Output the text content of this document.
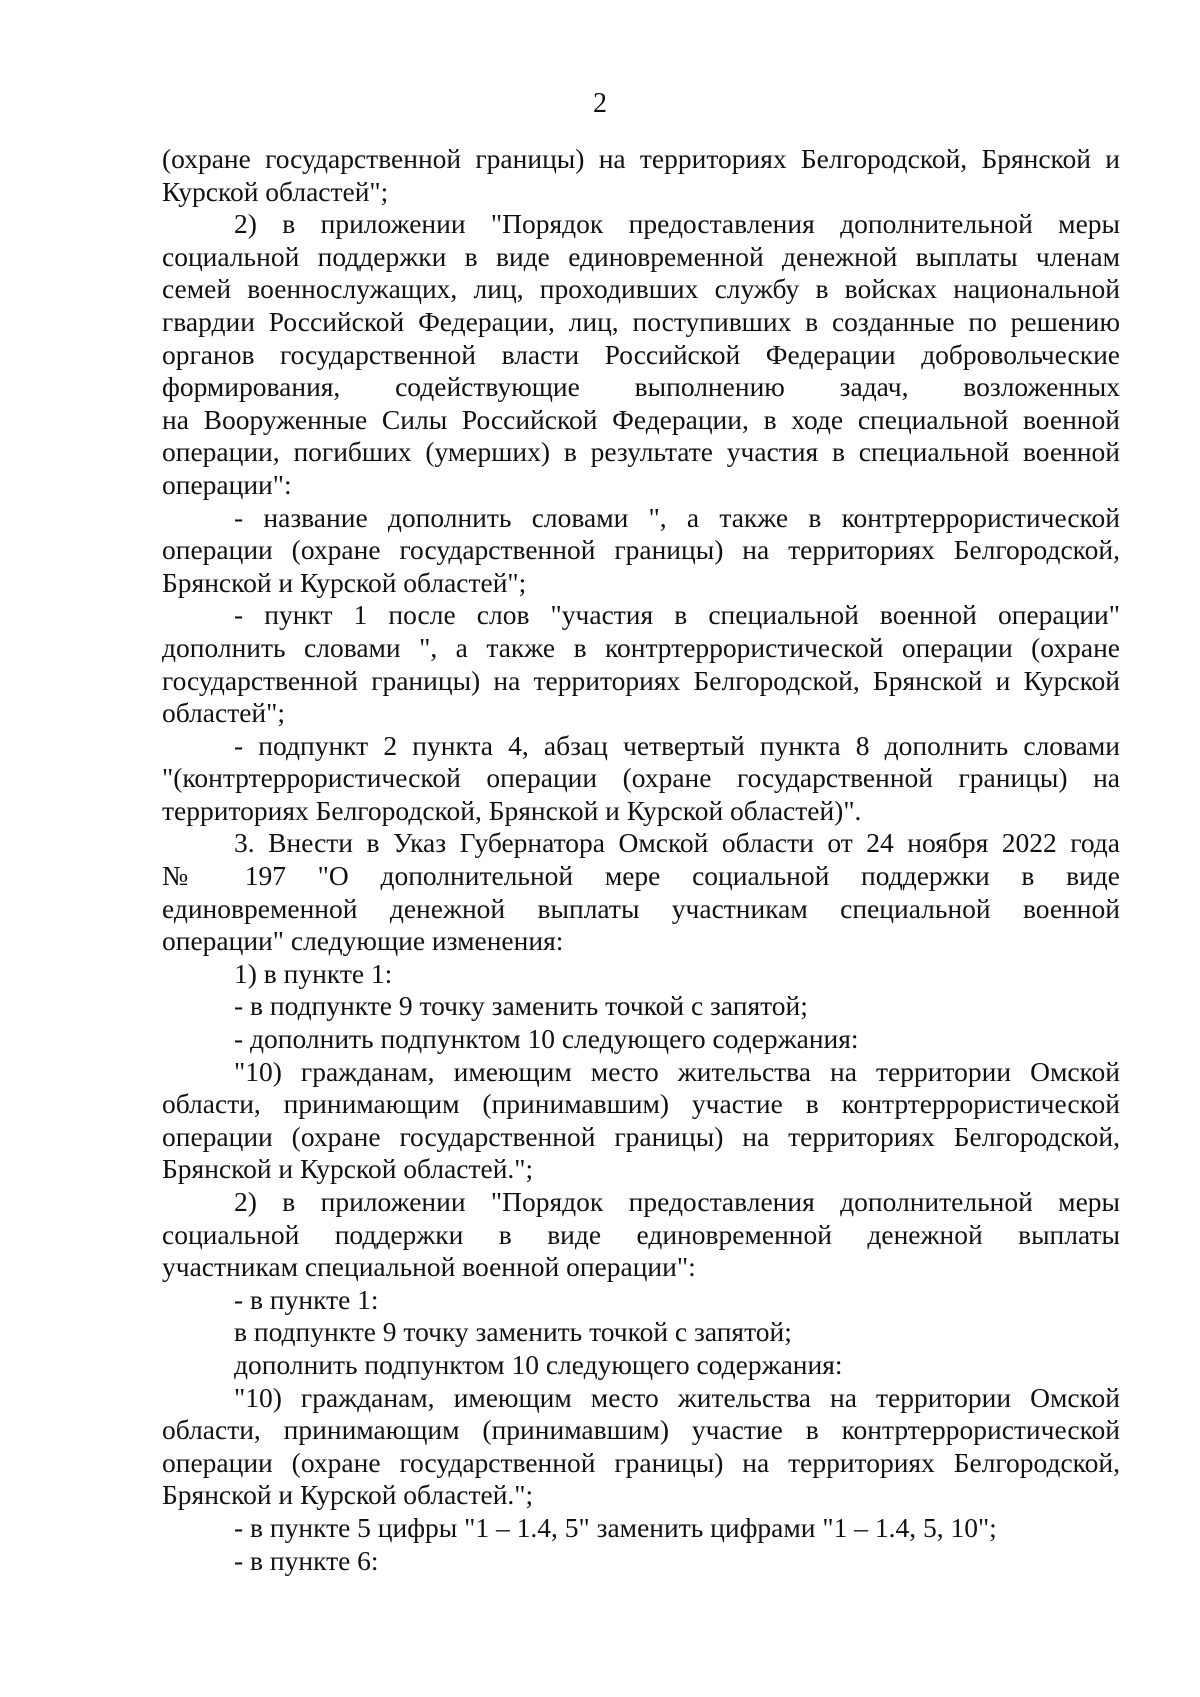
2
(охране государственной границы) на территориях Белгородской, Брянской и
Курской областей";
2) в приложении "Порядок предоставления дополнительной меры
социальной поддержки в виде единовременной денежной выплаты членам
семей военнослужащих, лиц, проходивших службу в войсках национальной
гвардии Российской Федерации, лиц, поступивших в созданные по решению
органов государственной власти Российской Федерации добровольческие
формирования, содействующие выполнению задач, возложенных
на Вооруженные Силы Российской Федерации, в ходе специальной военной
операции, погибших (умерших) в результате участия в специальной военной
операции":
- название дополнить словами ", а также в контртеррористической
операции (охране государственной границы) на территориях Белгородской,
Брянской и Курской областей";
- пункт 1 после слов "участия в специальной военной операции"
дополнить словами ", а также в контртеррористической операции (охране
государственной границы) на территориях Белгородской, Брянской и Курской
областей";
- подпункт 2 пункта 4, абзац четвертый пункта 8 дополнить словами
"(контртеррористической операции (охране государственной границы) на
территориях Белгородской, Брянской и Курской областей)".
3. Внести в Указ Губернатора Омской области от 24 ноября 2022 года
№ 197 "О дополнительной мере социальной поддержки в виде
единовременной денежной выплаты участникам специальной военной
операции" следующие изменения:
1) в пункте 1:
- в подпункте 9 точку заменить точкой с запятой;
- дополнить подпунктом 10 следующего содержания:
"10) гражданам, имеющим место жительства на территории Омской
области, принимающим (принимавшим) участие в контртеррористической
операции (охране государственной границы) на территориях Белгородской,
Брянской и Курской областей.";
2) в приложении "Порядок предоставления дополнительной меры
социальной поддержки в виде единовременной денежной выплаты
участникам специальной военной операции":
- в пункте 1:
в подпункте 9 точку заменить точкой с запятой;
дополнить подпунктом 10 следующего содержания:
"10) гражданам, имеющим место жительства на территории Омской
области, принимающим (принимавшим) участие в контртеррористической
операции (охране государственной границы) на территориях Белгородской,
Брянской и Курской областей.";
- в пункте 5 цифры "1 – 1.4, 5" заменить цифрами "1 – 1.4, 5, 10";
- в пункте 6:
